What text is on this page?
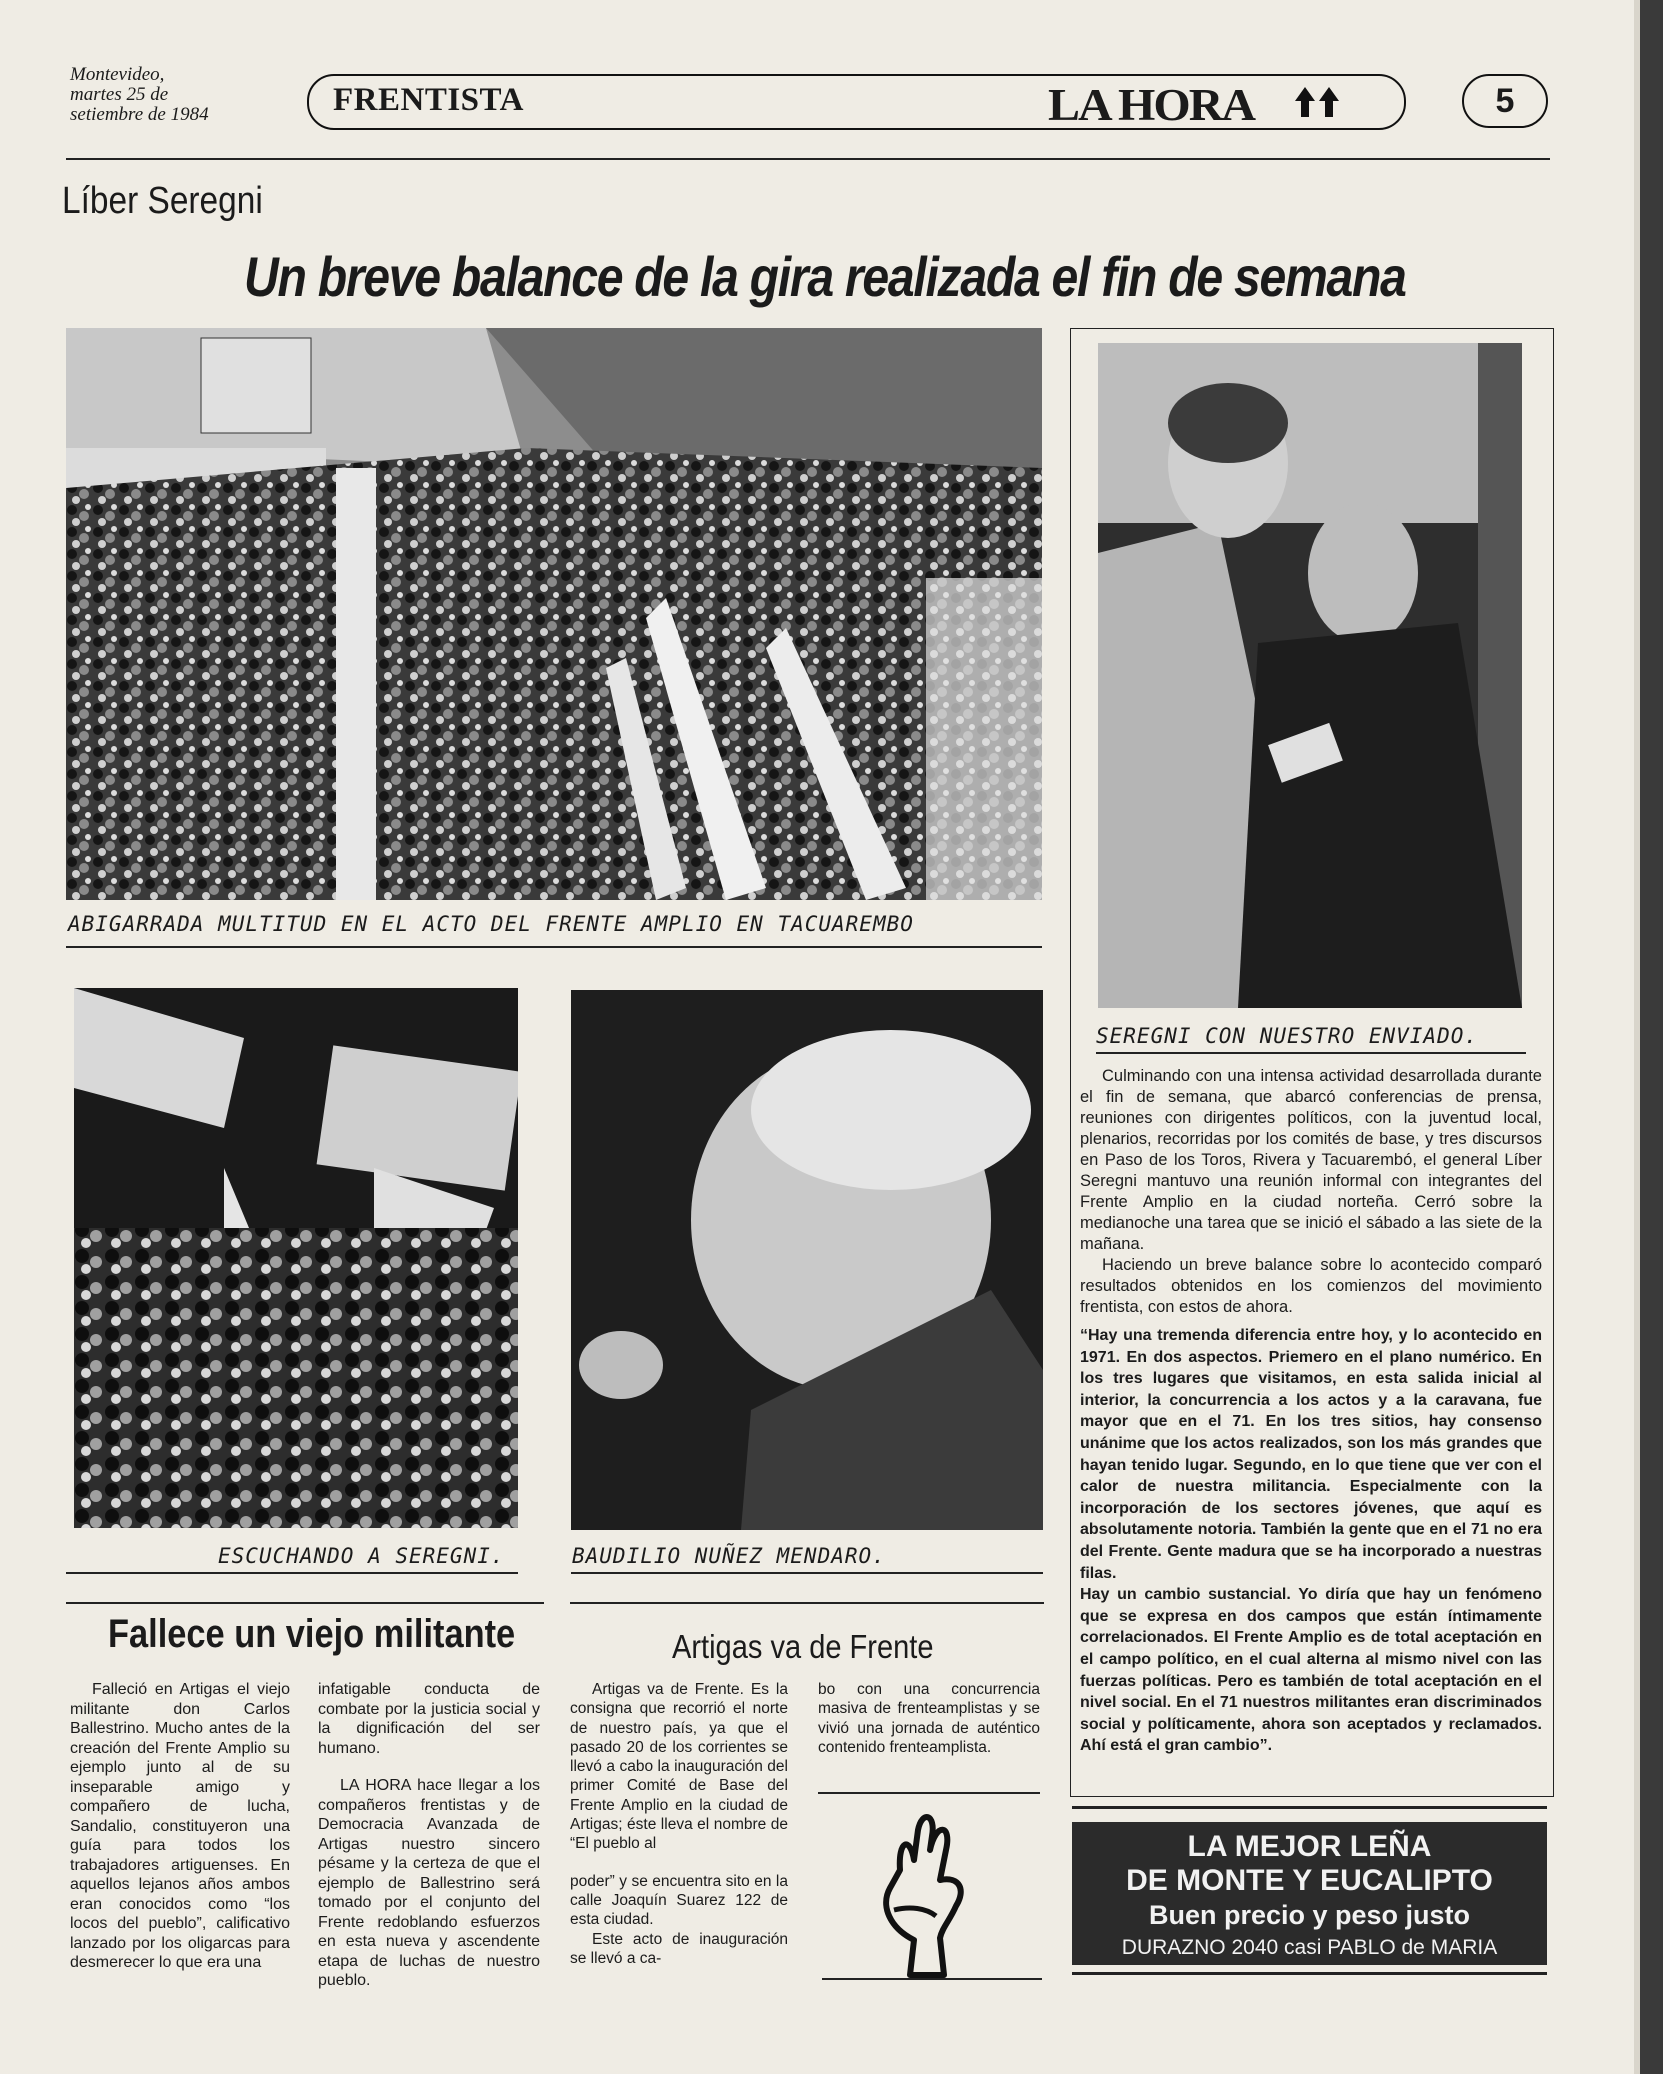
Montevideo,
martes 25 de
setiembre de 1984	FRENTISTA	LA HORA	5
Líber Seregni
Un breve balance de la gira realizada el fin de semana
ABIGARRADA MULTITUD EN EL ACTO DEL FRENTE AMPLIO EN TACUAREMBO
SEREGNI CON NUESTRO ENVIADO.

Culminando con una intensa actividad desarrollada durante el fin de semana, que abarcó conferencias de prensa, reuniones con dirigentes políticos, con la juventud local, plenarios, recorridas por los comités de base, y tres discursos en Paso de los Toros, Rivera y Tacuarembó, el general Líber Seregni mantuvo una reunión informal con integrantes del Frente Amplio en la ciudad norteña. Cerró sobre la medianoche una tarea que se inició el sábado a las siete de la mañana.

Haciendo un breve balance sobre lo acontecido comparó resultados obtenidos en los comienzos del movimiento frentista, con estos de ahora.

“Hay una tremenda diferencia entre hoy, y lo acontecido en 1971. En dos aspectos. Priemero en el plano numérico. En los tres lugares que visitamos, en esta salida inicial al interior, la concurrencia a los actos y a la caravana, fue mayor que en el 71. En los tres sitios, hay consenso unánime que los actos realizados, son los más grandes que hayan tenido lugar. Segundo, en lo que tiene que ver con el calor de nuestra militancia. Especialmente con la incorporación de los sectores jóvenes, que aquí es absolutamente notoria. También la gente que en el 71 no era del Frente. Gente madura que se ha incorporado a nuestras filas.

Hay un cambio sustancial. Yo diría que hay un fenómeno que se expresa en dos campos que están íntimamente correlacionados. El Frente Amplio es de total aceptación en el campo político, en el cual alterna al mismo nivel con las fuerzas políticas. Pero es también de total aceptación en el nivel social. En el 71 nuestros militantes eran discriminados social y políticamente, ahora son aceptados y reclamados. Ahí está el gran cambio”.

ESCUCHANDO A SEREGNI.	BAUDILIO NUÑEZ MENDARO.
Fallece un viejo militante

Falleció en Artigas el viejo militante don Carlos Ballestrino. Mucho antes de la creación del Frente Amplio su ejemplo junto al de su inseparable amigo y compañero de lucha, Sandalio, constituyeron una guía para todos los trabajadores artiguenses. En aquellos lejanos años ambos eran conocidos como “los locos del pueblo”, calificativo lanzado por los oligarcas para desmerecer lo que era una

infatigable conducta de combate por la justicia social y la dignificación del ser humano.

LA HORA hace llegar a los compañeros frentistas y de Democracia Avanzada de Artigas nuestro sincero pésame y la certeza de que el ejemplo de Ballestrino será tomado por el conjunto del Frente redoblando esfuerzos en esta nueva y ascendente etapa de luchas de nuestro pueblo.

Artigas va de Frente

Artigas va de Frente. Es la consigna que recorrió el norte de nuestro país, ya que el pasado 20 de los corrientes se llevó a cabo la inauguración del primer Comité de Base del Frente Amplio en la ciudad de Artigas; éste lleva el nombre de “El pueblo al

poder” y se encuentra sito en la calle Joaquín Suarez 122 de esta ciudad.

Este acto de inauguración se llevó a ca-

bo con una concurrencia masiva de frenteamplistas y se vivió una jornada de auténtico contenido frenteamplista.

LA MEJOR LEÑA
DE MONTE Y EUCALIPTO
Buen precio y peso justo
DURAZNO 2040 casi PABLO de MARIA
